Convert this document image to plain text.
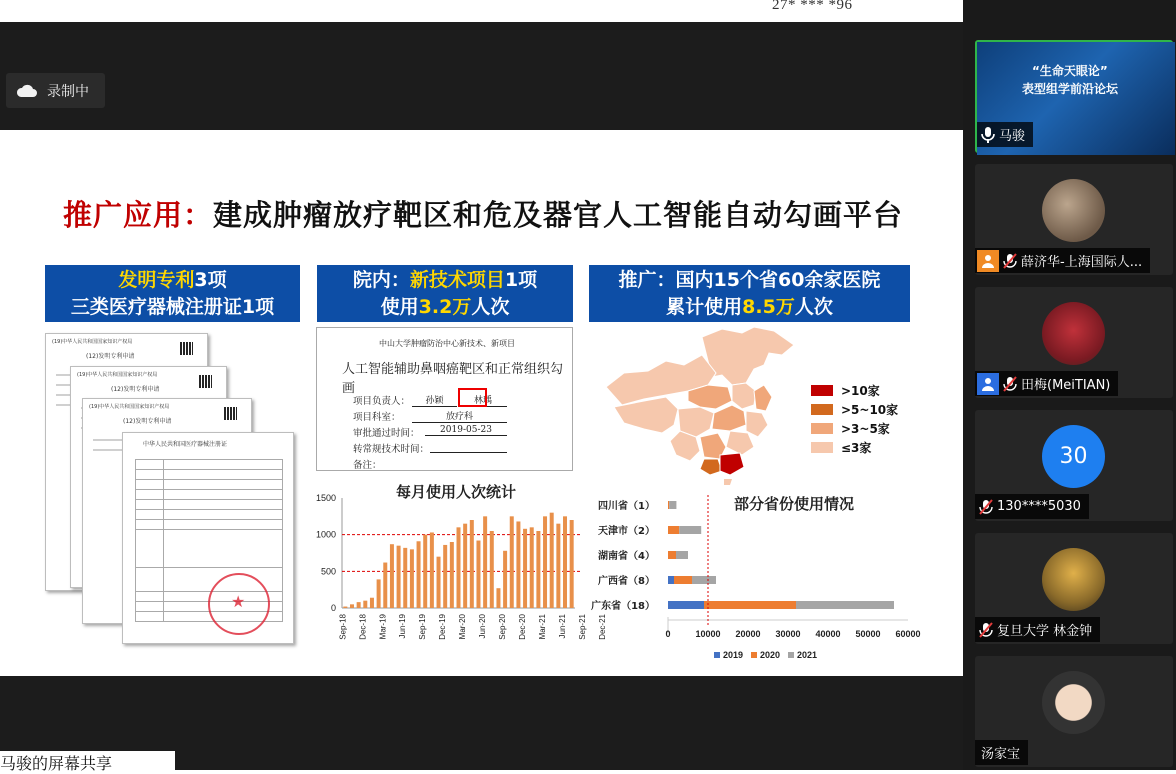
27* *** *96
录制中
推广应用：建成肿瘤放疗靶区和危及器官人工智能自动勾画平台
发明专利3项
三类医疗器械注册证1项
院内：新技术项目1项
使用3.2万人次
推广：国内15个省60余家医院
累计使用8.5万人次
(19)中华人民共和国国家知识产权局
(12)发明专利申请
(19)中华人民共和国国家知识产权局
(12)发明专利申请
(19)中华人民共和国国家知识产权局
(12)发明专利申请
中华人民共和国医疗器械注册证

★
中山大学肿瘤防治中心新技术、新项目
人工智能辅助鼻咽癌靶区和正常组织勾画
项目负责人：	孙颖	林瑀
项目科室：	放疗科
审批通过时间：	2019-05-23
转常规技术时间：
备注：
>10家
>5~10家
>3~5家
≤3家
每月使用人次统计
0
500
1000
1500
Sep-18 Dec-18 Mar-19 Jun-19 Sep-19 Dec-19 Mar-20 Jun-20 Sep-20 Dec-20 Mar-21 Jun-21 Sep-21 Dec-21
部分省份使用情况
四川省（1）
天津市（2）
湖南省（4）
广西省（8）
广东省（18）
0	10000 20000 30000 40000 50000 60000
2019 2020 2021
“生命天眼论”
表型组学前沿论坛
马骏
薛济华-上海国际人...
田梅(MeiTIAN)
30
130****5030
复旦大学 林金钟
汤家宝
马骏的屏幕共享
